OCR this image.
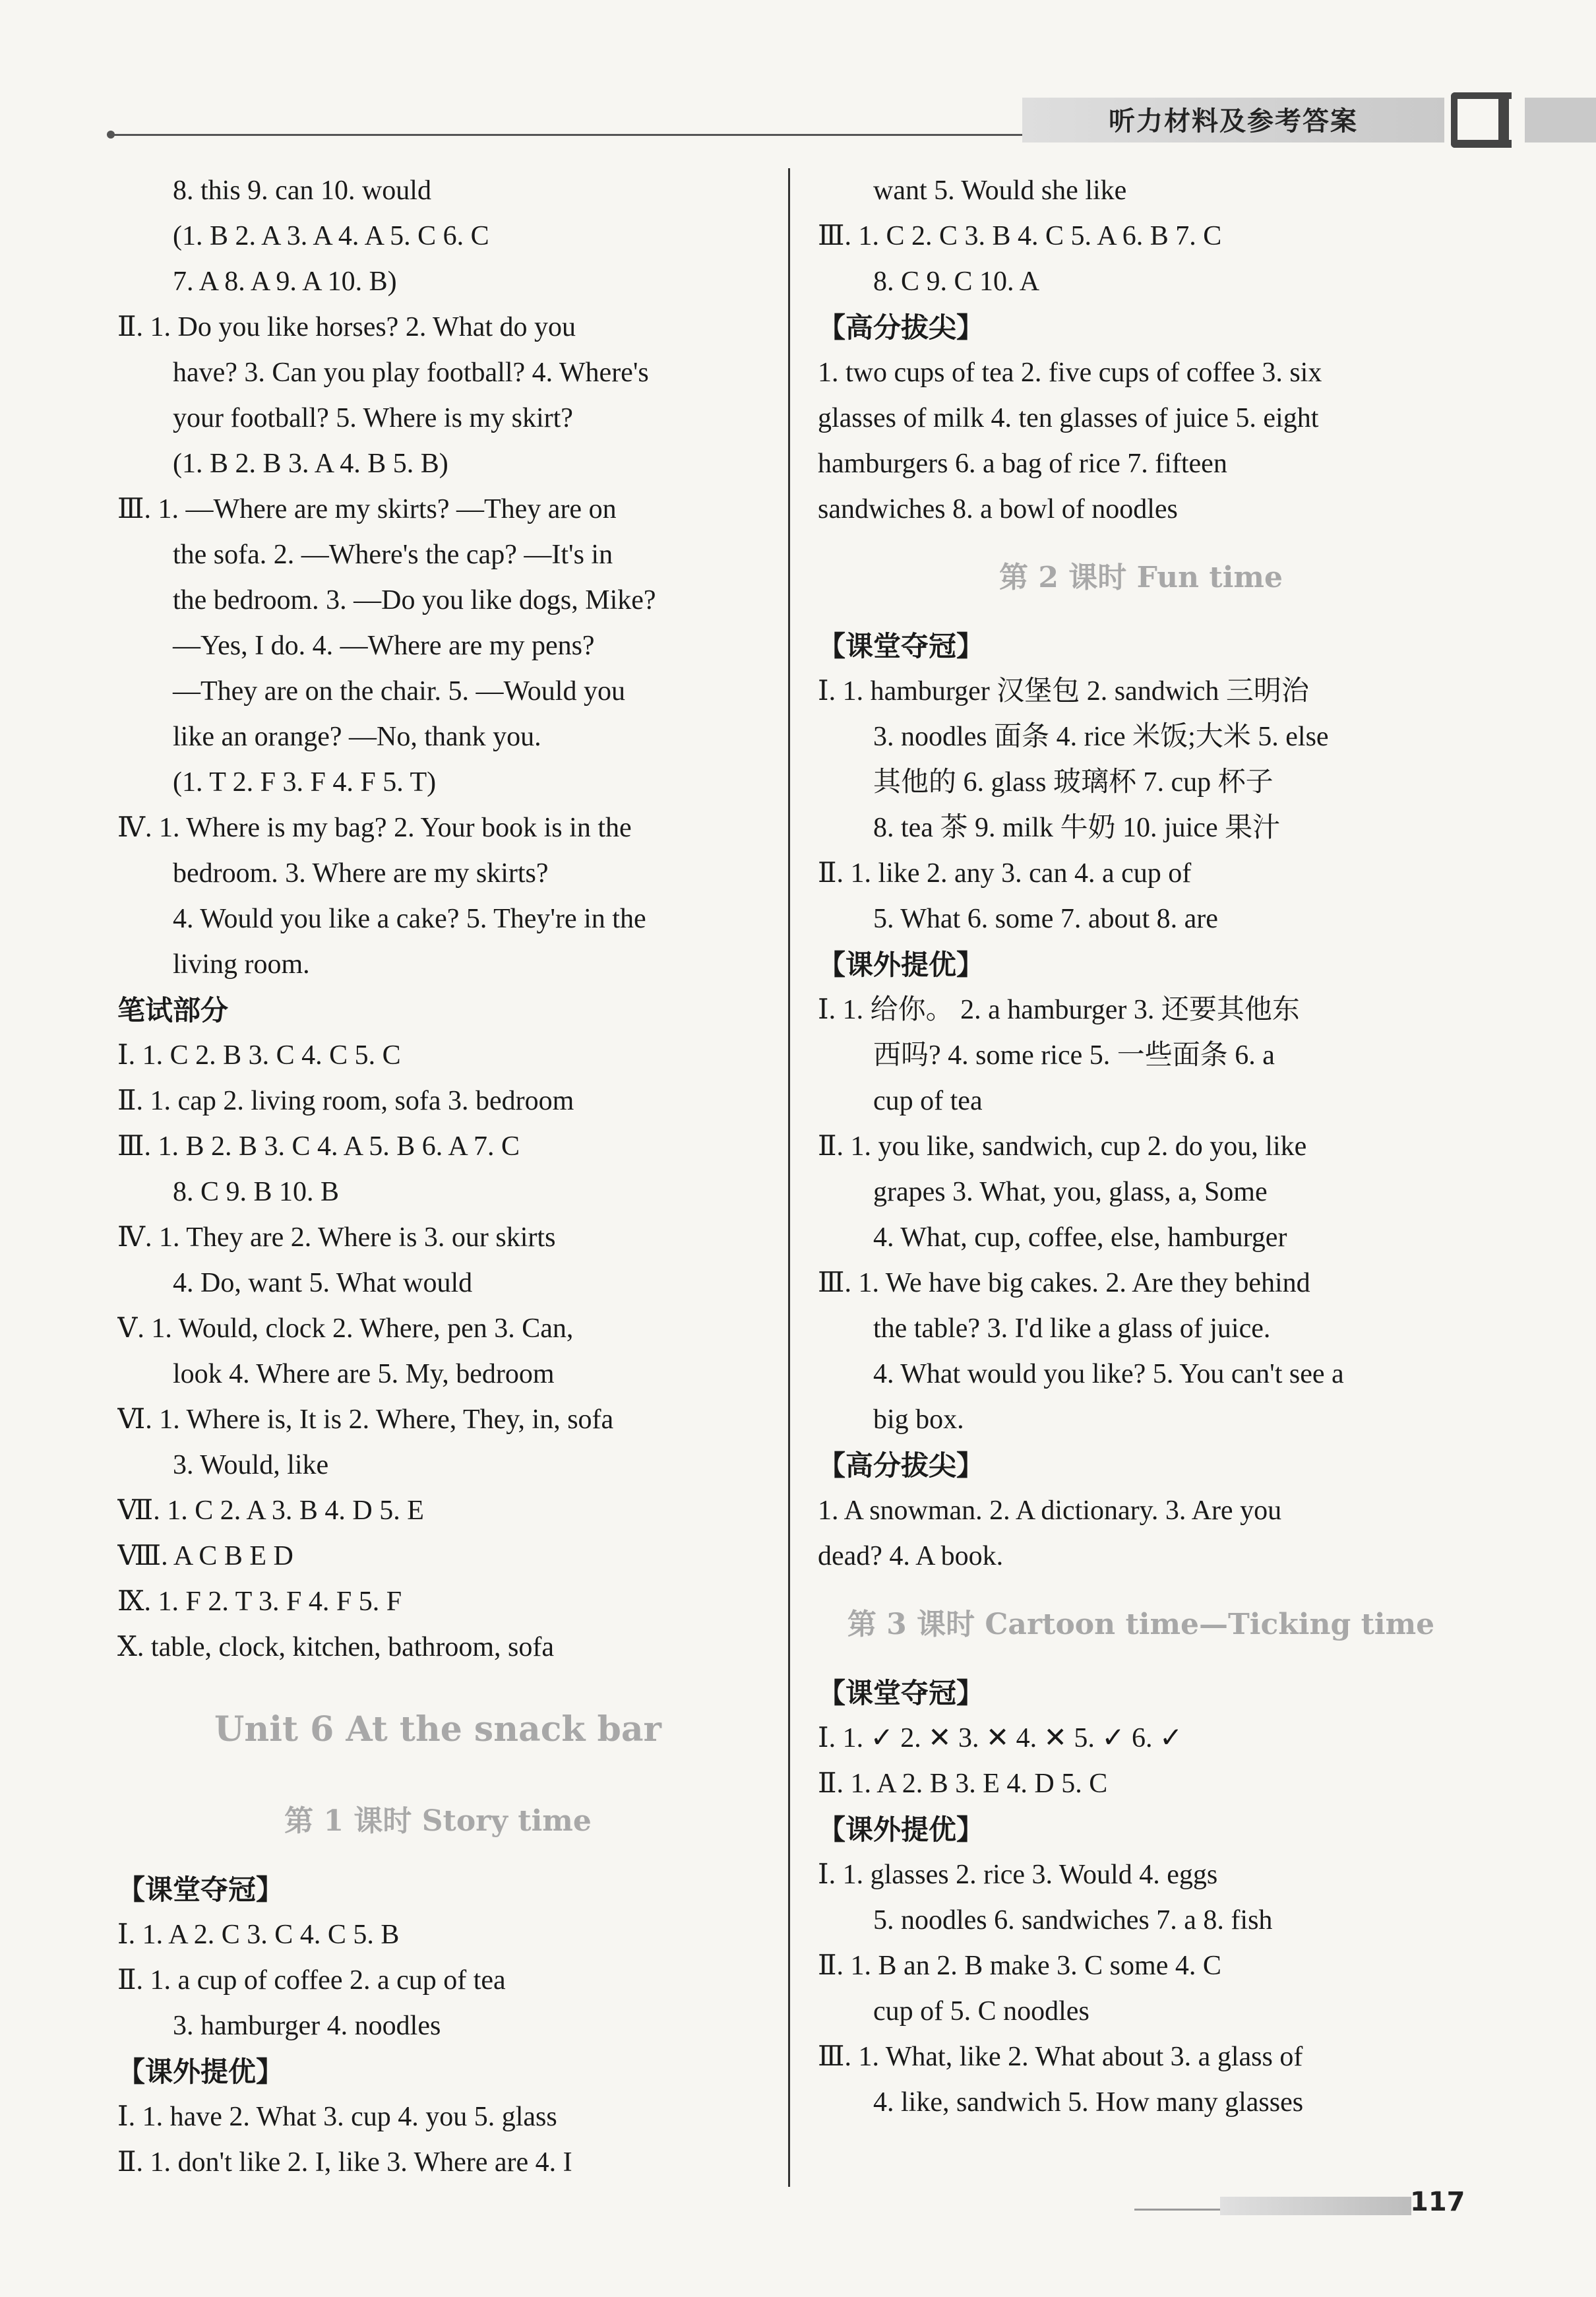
听力材料及参考答案
8. this 9. can 10. would
(1. B 2. A 3. A 4. A 5. C 6. C
7. A 8. A 9. A 10. B)
Ⅱ. 1. Do you like horses? 2. What do you
have? 3. Can you play football? 4. Where's
your football? 5. Where is my skirt?
(1. B 2. B 3. A 4. B 5. B)
Ⅲ. 1. —Where are my skirts? —They are on
the sofa. 2. —Where's the cap? —It's in
the bedroom. 3. —Do you like dogs, Mike?
—Yes, I do. 4. —Where are my pens?
—They are on the chair. 5. —Would you
like an orange? —No, thank you.
(1. T 2. F 3. F 4. F 5. T)
Ⅳ. 1. Where is my bag? 2. Your book is in the
bedroom. 3. Where are my skirts?
4. Would you like a cake? 5. They're in the
living room.
笔试部分
Ⅰ. 1. C 2. B 3. C 4. C 5. C
Ⅱ. 1. cap 2. living room, sofa 3. bedroom
Ⅲ. 1. B 2. B 3. C 4. A 5. B 6. A 7. C
8. C 9. B 10. B
Ⅳ. 1. They are 2. Where is 3. our skirts
4. Do, want 5. What would
Ⅴ. 1. Would, clock 2. Where, pen 3. Can,
look 4. Where are 5. My, bedroom
Ⅵ. 1. Where is, It is 2. Where, They, in, sofa
3. Would, like
Ⅶ. 1. C 2. A 3. B 4. D 5. E
Ⅷ. A C B E D
Ⅸ. 1. F 2. T 3. F 4. F 5. F
Ⅹ. table, clock, kitchen, bathroom, sofa
Unit 6 At the snack bar
第 1 课时 Story time
【课堂夺冠】
Ⅰ. 1. A 2. C 3. C 4. C 5. B
Ⅱ. 1. a cup of coffee 2. a cup of tea
3. hamburger 4. noodles
【课外提优】
Ⅰ. 1. have 2. What 3. cup 4. you 5. glass
Ⅱ. 1. don't like 2. I, like 3. Where are 4. I
want 5. Would she like
Ⅲ. 1. C 2. C 3. B 4. C 5. A 6. B 7. C
8. C 9. C 10. A
【高分拔尖】
1. two cups of tea 2. five cups of coffee 3. six
glasses of milk 4. ten glasses of juice 5. eight
hamburgers 6. a bag of rice 7. fifteen
sandwiches 8. a bowl of noodles
第 2 课时 Fun time
【课堂夺冠】
Ⅰ. 1. hamburger 汉堡包 2. sandwich 三明治
3. noodles 面条 4. rice 米饭;大米 5. else
其他的 6. glass 玻璃杯 7. cup 杯子
8. tea 茶 9. milk 牛奶 10. juice 果汁
Ⅱ. 1. like 2. any 3. can 4. a cup of
5. What 6. some 7. about 8. are
【课外提优】
Ⅰ. 1. 给你。 2. a hamburger 3. 还要其他东
西吗? 4. some rice 5. 一些面条 6. a
cup of tea
Ⅱ. 1. you like, sandwich, cup 2. do you, like
grapes 3. What, you, glass, a, Some
4. What, cup, coffee, else, hamburger
Ⅲ. 1. We have big cakes. 2. Are they behind
the table? 3. I'd like a glass of juice.
4. What would you like? 5. You can't see a
big box.
【高分拔尖】
1. A snowman. 2. A dictionary. 3. Are you
dead? 4. A book.
第 3 课时 Cartoon time—Ticking time
【课堂夺冠】
Ⅰ. 1. ✓ 2. ✕ 3. ✕ 4. ✕ 5. ✓ 6. ✓
Ⅱ. 1. A 2. B 3. E 4. D 5. C
【课外提优】
Ⅰ. 1. glasses 2. rice 3. Would 4. eggs
5. noodles 6. sandwiches 7. a 8. fish
Ⅱ. 1. B an 2. B make 3. C some 4. C
cup of 5. C noodles
Ⅲ. 1. What, like 2. What about 3. a glass of
4. like, sandwich 5. How many glasses
117
